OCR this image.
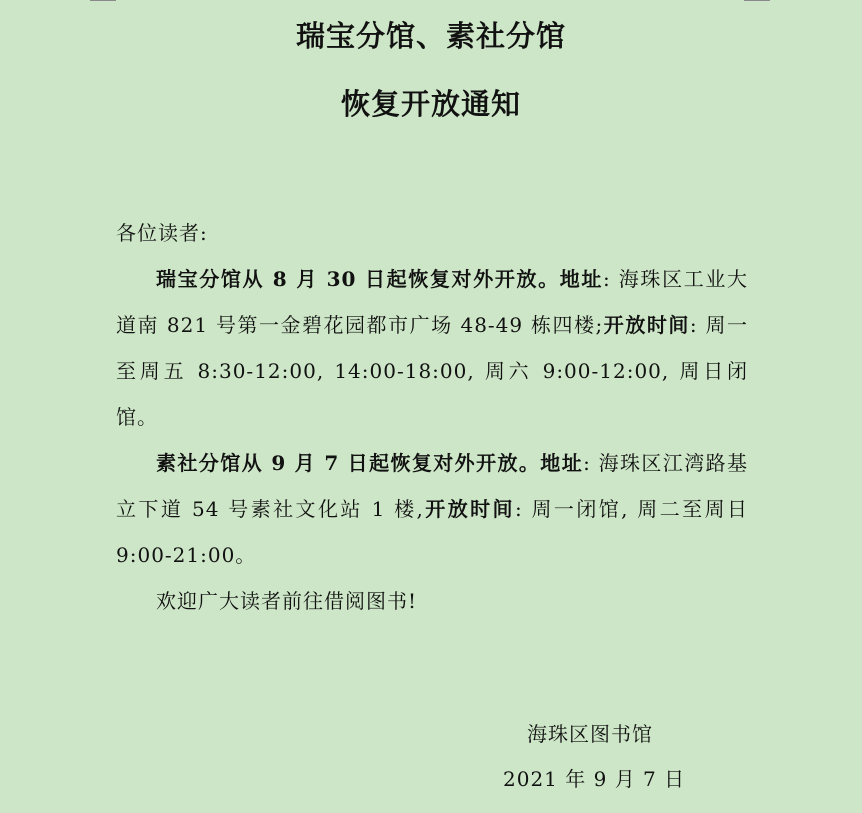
瑞宝分馆、素社分馆
恢复开放通知

各位读者:

瑞宝分馆从 8 月 30 日起恢复对外开放。地址: 海珠区工业大道南 821 号第一金碧花园都市广场 48-49 栋四楼;开放时间: 周一至周五 8:30-12:00, 14:00-18:00, 周六 9:00-12:00, 周日闭馆。

素社分馆从 9 月 7 日起恢复对外开放。地址: 海珠区江湾路基立下道 54 号素社文化站 1 楼,开放时间: 周一闭馆, 周二至周日 9:00-21:00。

欢迎广大读者前往借阅图书!

海珠区图书馆
2021 年 9 月 7 日
